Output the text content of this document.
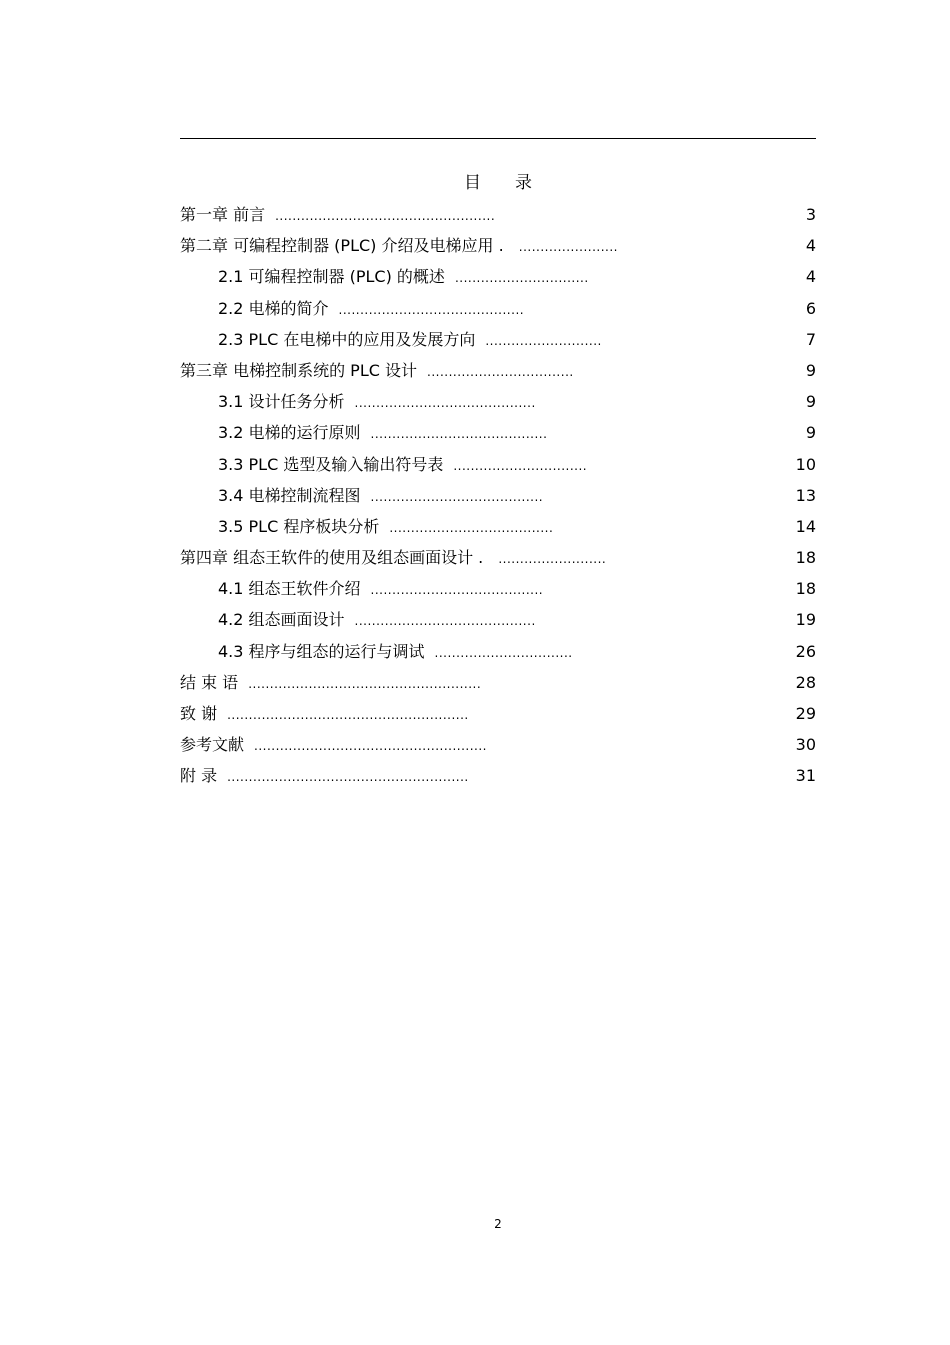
目 录
第一章 前言 ...................................................	3
第二章 可编程控制器 (PLC) 介绍及电梯应用 . .......................	4
2.1 可编程控制器 (PLC) 的概述 ...............................	4
2.2 电梯的简介 ...........................................	6
2.3 PLC 在电梯中的应用及发展方向 ...........................	7
第三章 电梯控制系统的 PLC 设计 ..................................	9
3.1 设计任务分析 ..........................................	9
3.2 电梯的运行原则 .........................................	9
3.3 PLC 选型及输入输出符号表 ...............................	10
3.4 电梯控制流程图 ........................................	13
3.5 PLC 程序板块分析 ......................................	14
第四章 组态王软件的使用及组态画面设计 . .........................	18
4.1 组态王软件介绍 ........................................	18
4.2 组态画面设计 ..........................................	19
4.3 程序与组态的运行与调试 ................................	26
结 束 语 ......................................................	28
致 谢 ........................................................	29
参考文献 ......................................................	30
附 录 ........................................................	31
2
